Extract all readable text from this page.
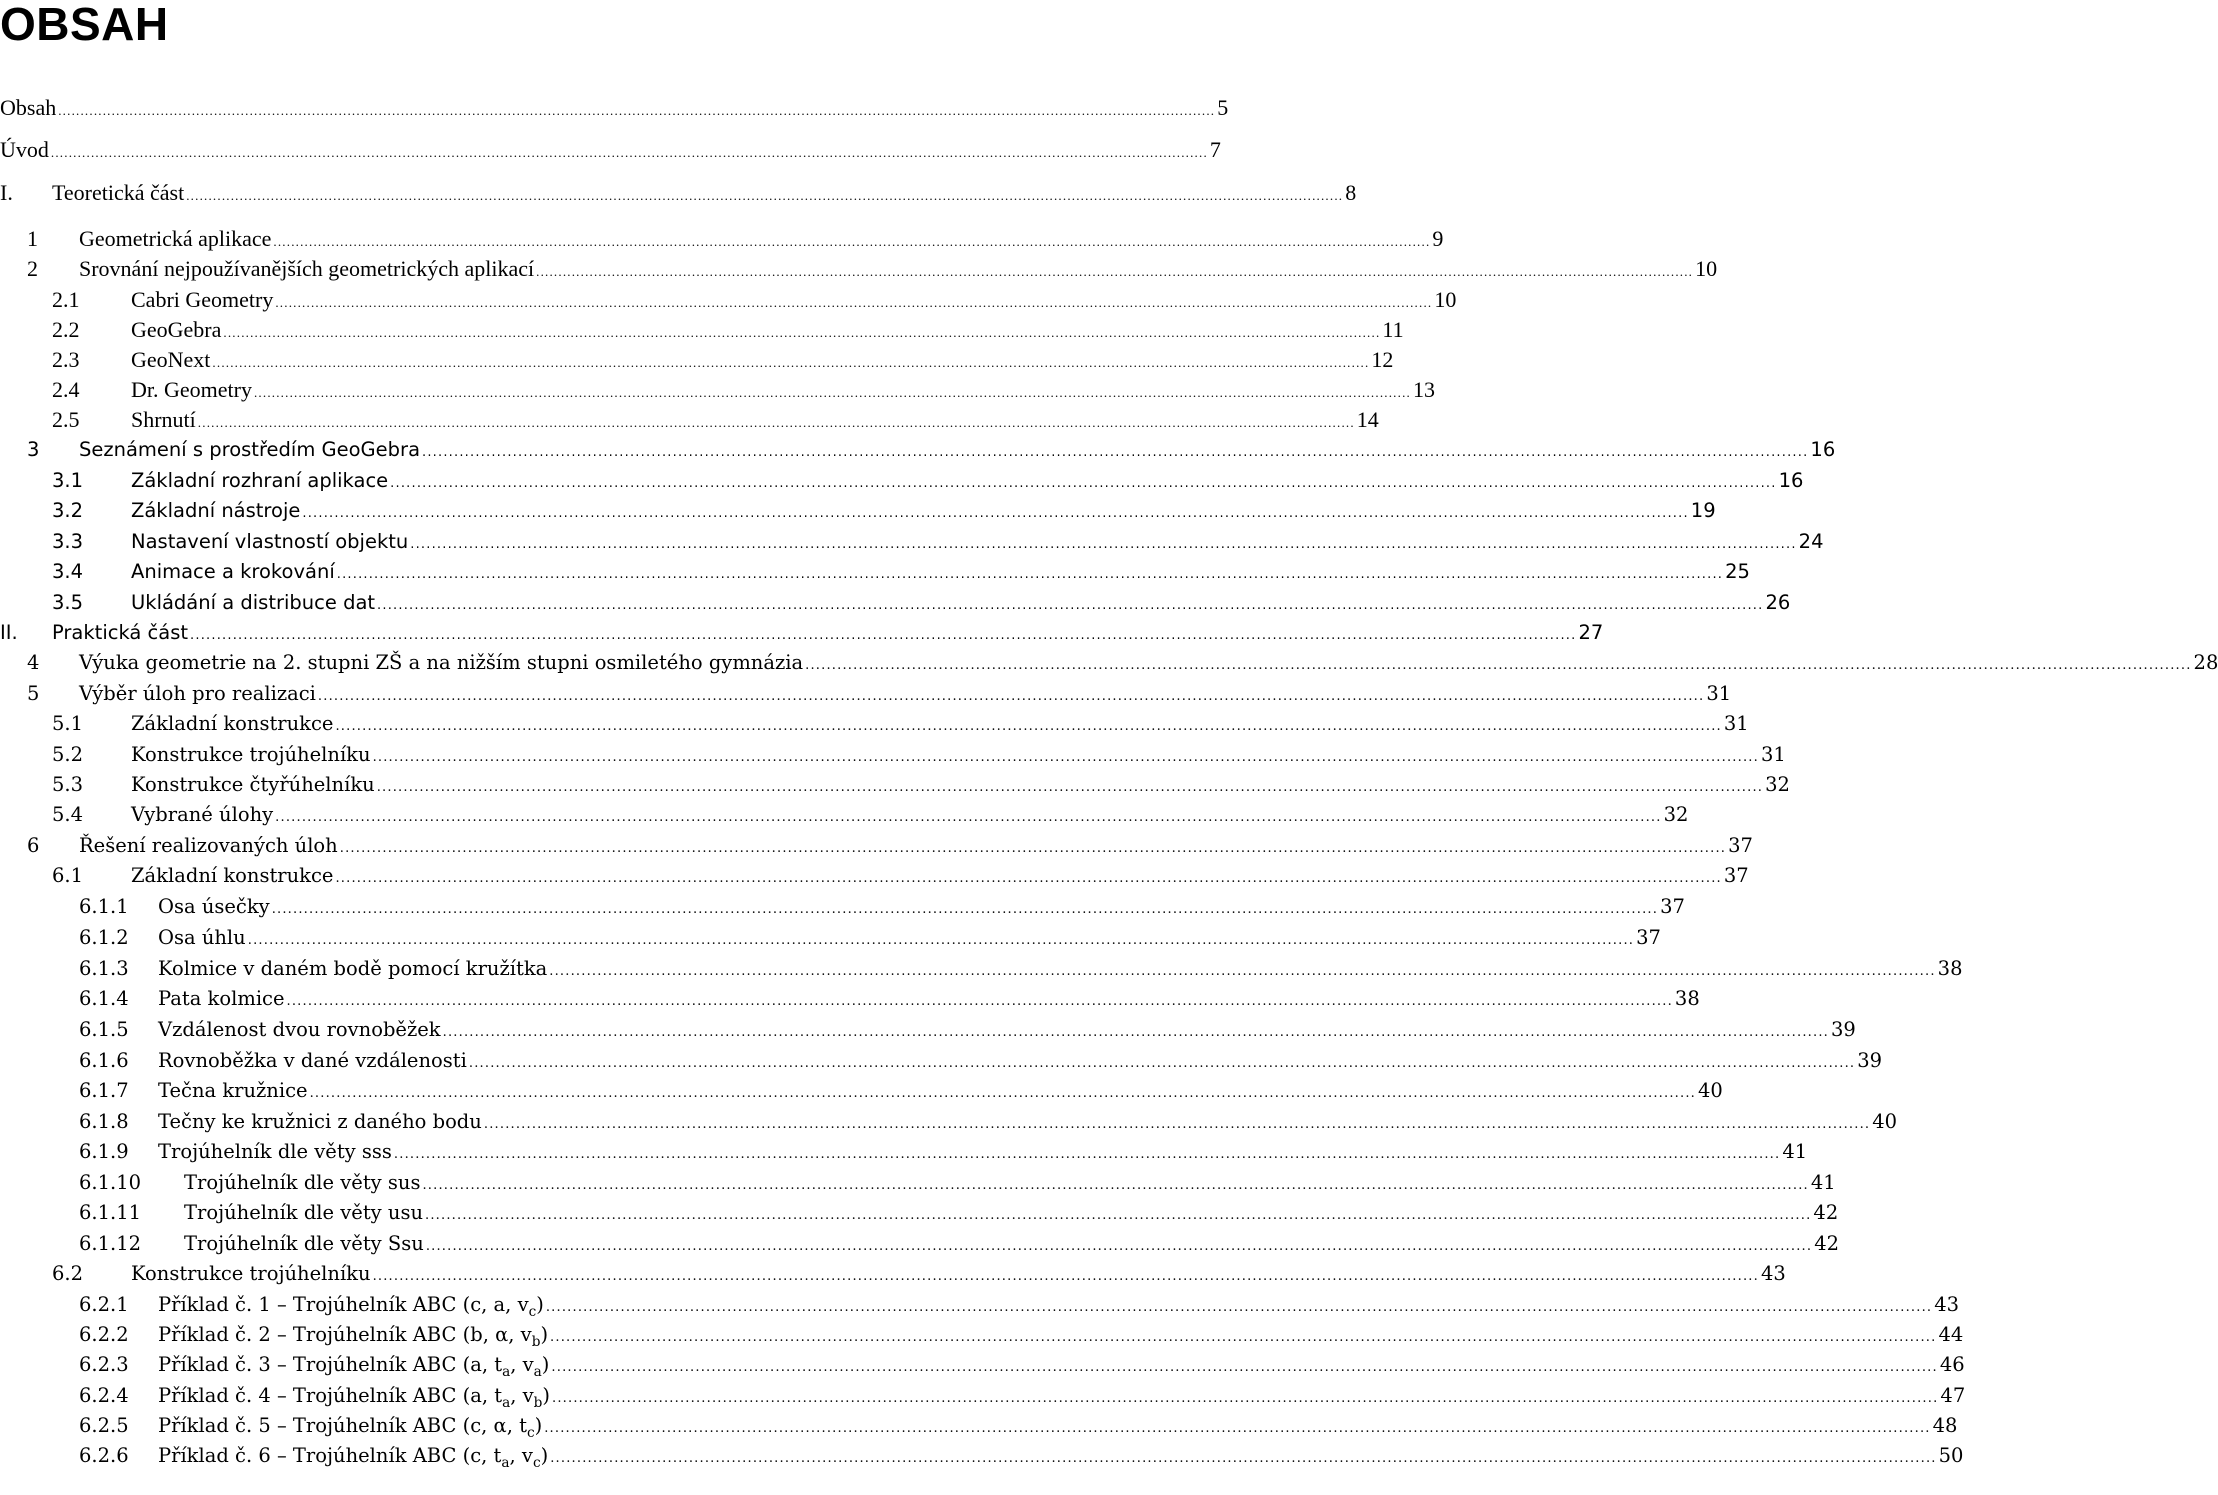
OBSAH
Obsah .................................................................................................................................................................................................................................................................... 5
Úvod .................................................................................................................................................................................................................................................................... 7
I.	Teoretická část .................................................................................................................................................................................................................................................................... 8
1	Geometrická aplikace .................................................................................................................................................................................................................................................................... 9
2	Srovnání nejpoužívanějších geometrických aplikací .................................................................................................................................................................................................................................................................... 10
2.1	Cabri Geometry .................................................................................................................................................................................................................................................................... 10
2.2	GeoGebra .................................................................................................................................................................................................................................................................... 11
2.3	GeoNext .................................................................................................................................................................................................................................................................... 12
2.4	Dr. Geometry .................................................................................................................................................................................................................................................................... 13
2.5	Shrnutí .................................................................................................................................................................................................................................................................... 14
3	Seznámení s prostředím GeoGebra .................................................................................................................................................................................................................................................................... 16
3.1	Základní rozhraní aplikace .................................................................................................................................................................................................................................................................... 16
3.2	Základní nástroje .................................................................................................................................................................................................................................................................... 19
3.3	Nastavení vlastností objektu .................................................................................................................................................................................................................................................................... 24
3.4	Animace a krokování .................................................................................................................................................................................................................................................................... 25
3.5	Ukládání a distribuce dat .................................................................................................................................................................................................................................................................... 26
II.	Praktická část .................................................................................................................................................................................................................................................................... 27
4	Výuka geometrie na 2. stupni ZŠ a na nižším stupni osmiletého gymnázia .................................................................................................................................................................................................................................................................... 28
5	Výběr úloh pro realizaci .................................................................................................................................................................................................................................................................... 31
5.1	Základní konstrukce .................................................................................................................................................................................................................................................................... 31
5.2	Konstrukce trojúhelníku .................................................................................................................................................................................................................................................................... 31
5.3	Konstrukce čtyřúhelníku .................................................................................................................................................................................................................................................................... 32
5.4	Vybrané úlohy .................................................................................................................................................................................................................................................................... 32
6	Řešení realizovaných úloh .................................................................................................................................................................................................................................................................... 37
6.1	Základní konstrukce .................................................................................................................................................................................................................................................................... 37
6.1.1	Osa úsečky .................................................................................................................................................................................................................................................................... 37
6.1.2	Osa úhlu .................................................................................................................................................................................................................................................................... 37
6.1.3	Kolmice v daném bodě pomocí kružítka .................................................................................................................................................................................................................................................................... 38
6.1.4	Pata kolmice .................................................................................................................................................................................................................................................................... 38
6.1.5	Vzdálenost dvou rovnoběžek .................................................................................................................................................................................................................................................................... 39
6.1.6	Rovnoběžka v dané vzdálenosti .................................................................................................................................................................................................................................................................... 39
6.1.7	Tečna kružnice .................................................................................................................................................................................................................................................................... 40
6.1.8	Tečny ke kružnici z daného bodu .................................................................................................................................................................................................................................................................... 40
6.1.9	Trojúhelník dle věty sss .................................................................................................................................................................................................................................................................... 41
6.1.10	Trojúhelník dle věty sus .................................................................................................................................................................................................................................................................... 41
6.1.11	Trojúhelník dle věty usu .................................................................................................................................................................................................................................................................... 42
6.1.12	Trojúhelník dle věty Ssu .................................................................................................................................................................................................................................................................... 42
6.2	Konstrukce trojúhelníku .................................................................................................................................................................................................................................................................... 43
6.2.1	Příklad č. 1 – Trojúhelník ABC (c, a, $v_c$) .................................................................................................................................................................................................................................................................... 43
6.2.2	Příklad č. 2 – Trojúhelník ABC (b, α, $v_b$) .................................................................................................................................................................................................................................................................... 44
6.2.3	Příklad č. 3 – Trojúhelník ABC (a, $t_a$, $v_a$) .................................................................................................................................................................................................................................................................... 46
6.2.4	Příklad č. 4 – Trojúhelník ABC (a, $t_a$, $v_b$) .................................................................................................................................................................................................................................................................... 47
6.2.5	Příklad č. 5 – Trojúhelník ABC (c, α, $t_c$) .................................................................................................................................................................................................................................................................... 48
6.2.6	Příklad č. 6 – Trojúhelník ABC (c, $t_a$, $v_c$) .................................................................................................................................................................................................................................................................... 50
